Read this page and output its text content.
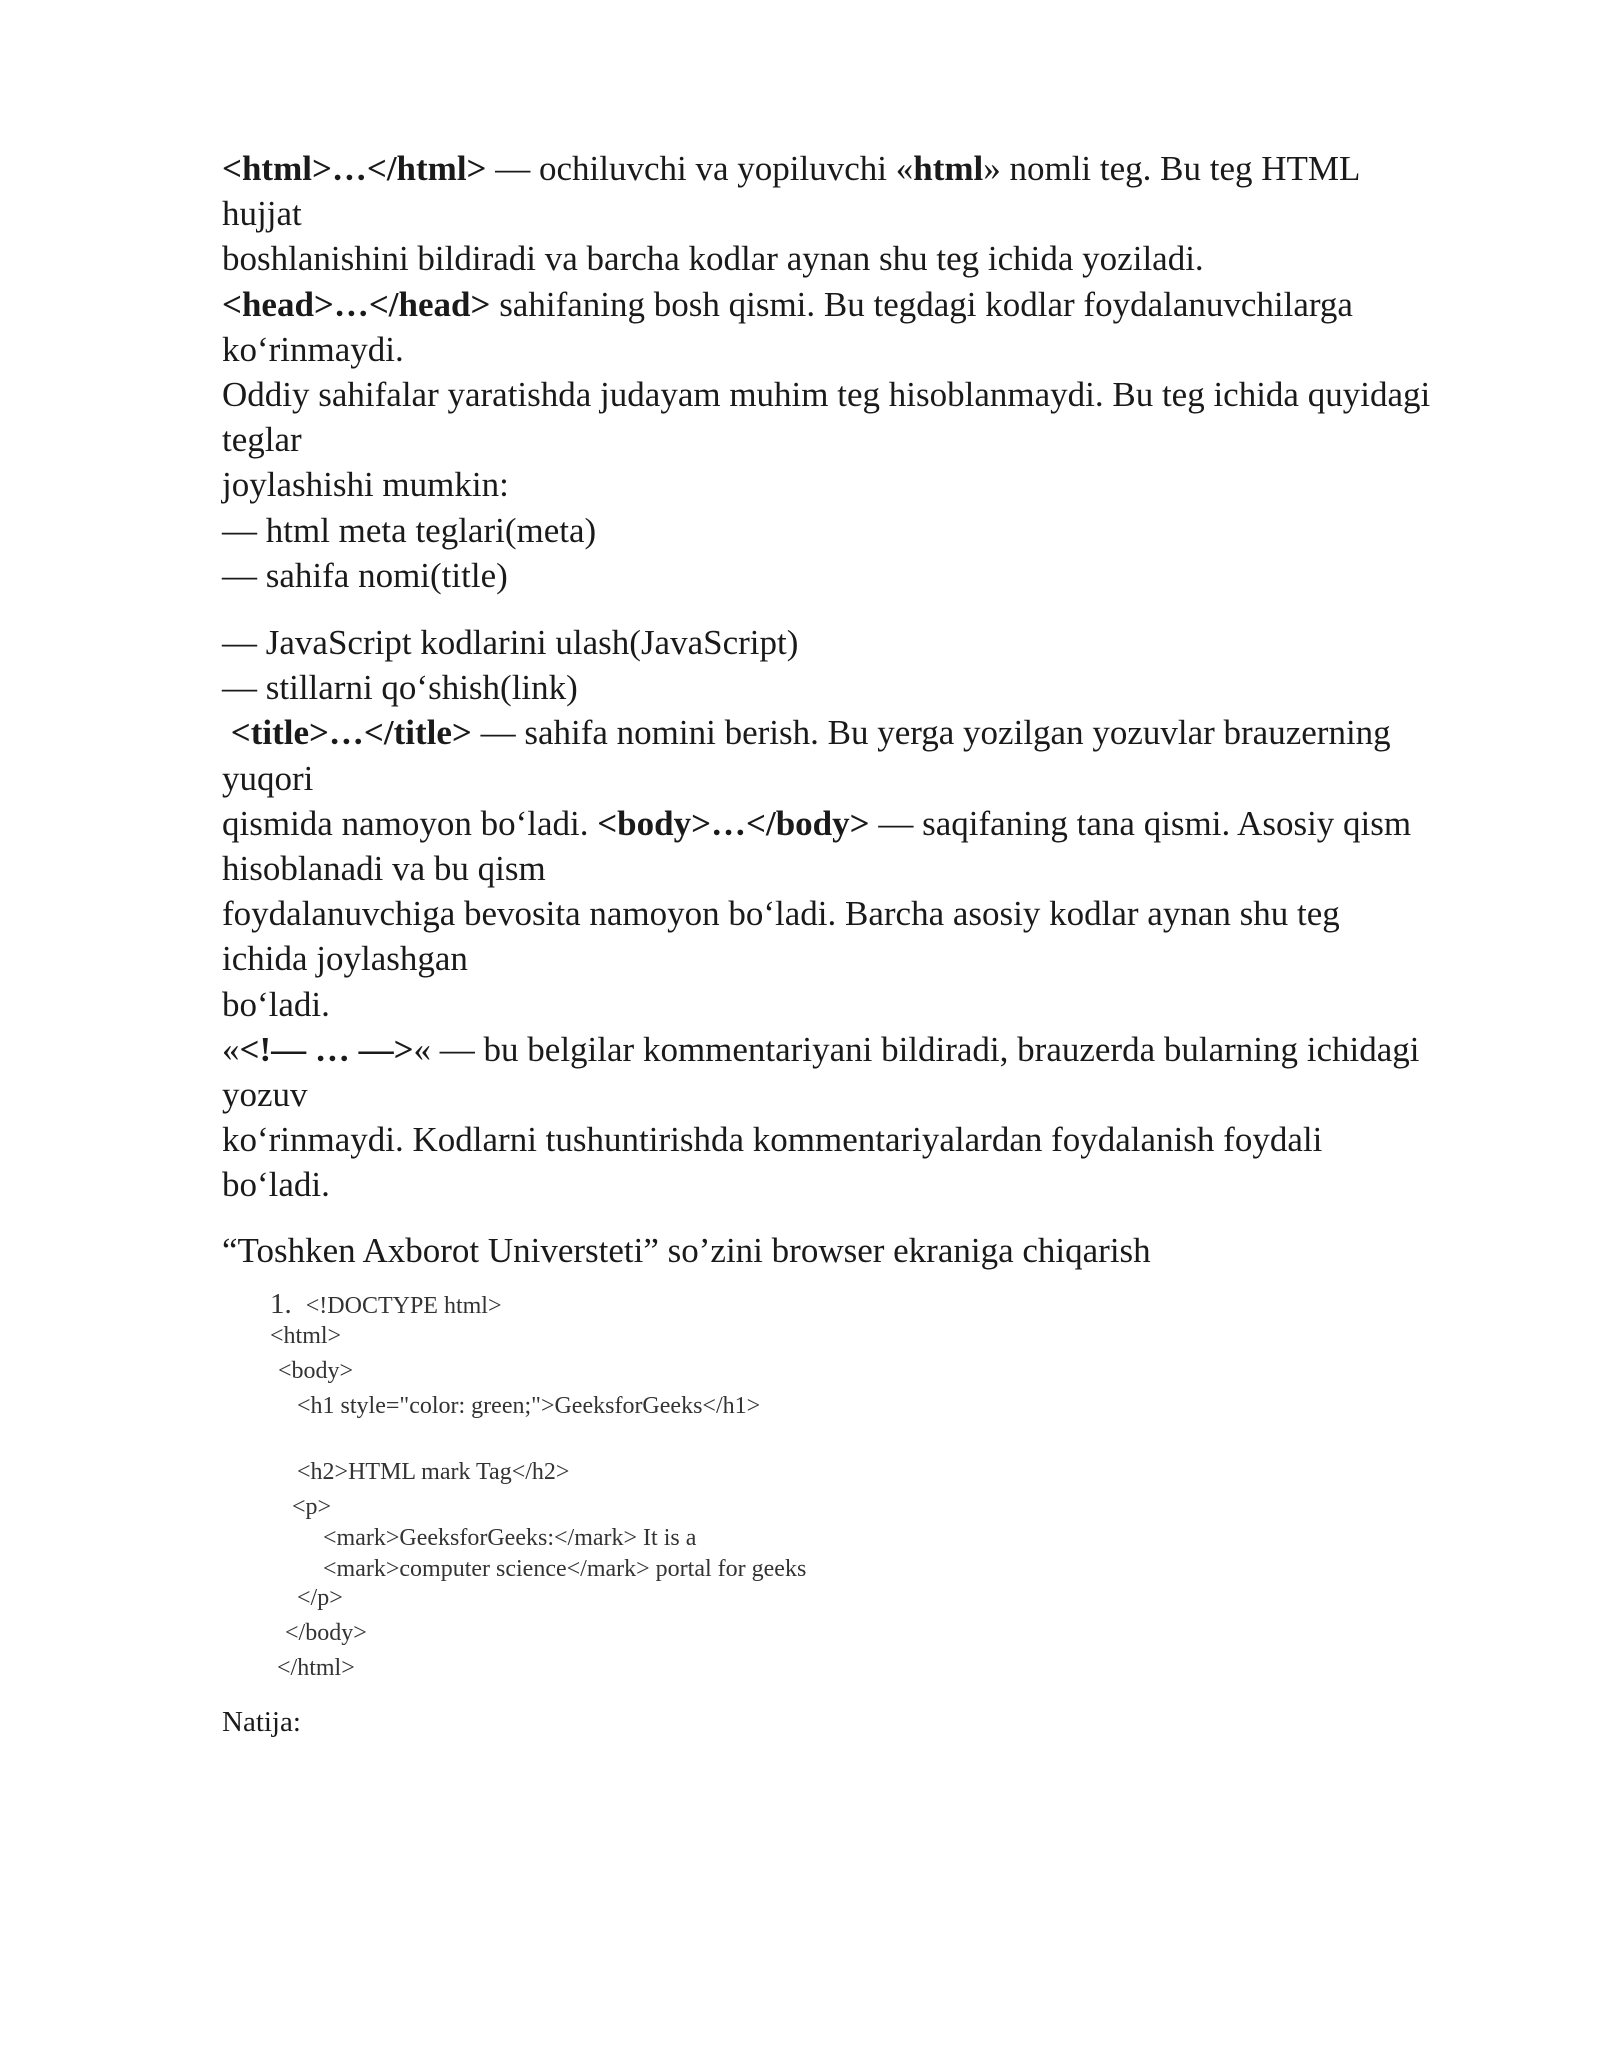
<html>…</html> — ochiluvchi va yopiluvchi «html» nomli teg. Bu teg HTML
hujjat
boshlanishini bildiradi va barcha kodlar aynan shu teg ichida yoziladi.
<head>…</head> sahifaning bosh qismi. Bu tegdagi kodlar foydalanuvchilarga
koʻrinmaydi.
Oddiy sahifalar yaratishda judayam muhim teg hisoblanmaydi. Bu teg ichida quyidagi
teglar
joylashishi mumkin:
— html meta teglari(meta)
— sahifa nomi(title)
— JavaScript kodlarini ulash(JavaScript)
— stillarni qoʻshish(link)
<title>…</title> — sahifa nomini berish. Bu yerga yozilgan yozuvlar brauzerning
yuqori
qismida namoyon boʻladi. <body>…</body> — saqifaning tana qismi. Asosiy qism
hisoblanadi va bu qism
foydalanuvchiga bevosita namoyon boʻladi. Barcha asosiy kodlar aynan shu teg
ichida joylashgan
boʻladi.
«<!— … —>« — bu belgilar kommentariyani bildiradi, brauzerda bularning ichidagi
yozuv
koʻrinmaydi. Kodlarni tushuntirishda kommentariyalardan foydalanish foydali
boʻladi.
“Toshken Axborot Universteti” so’zini browser ekraniga chiqarish
1. <!DOCTYPE html>
<html>
<body>
<h1 style="color: green;">GeeksforGeeks</h1>
<h2>HTML mark Tag</h2>
<p>
<mark>GeeksforGeeks:</mark> It is a
<mark>computer science</mark> portal for geeks
</p>
</body>
</html>
Natija:
